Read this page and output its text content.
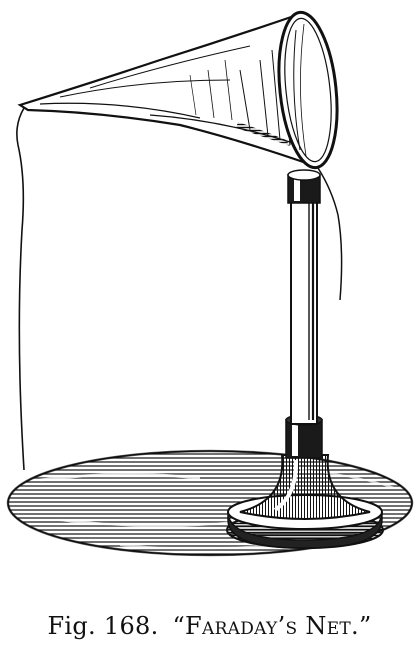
Fig. 168. “Faraday’s Net.”
